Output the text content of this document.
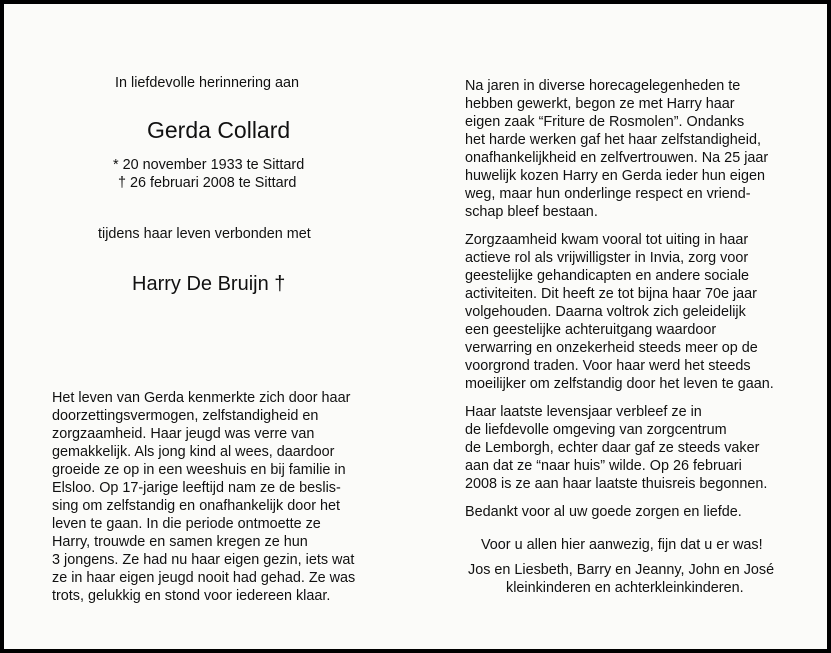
In liefdevolle herinnering aan
Gerda Collard
* 20 november 1933 te Sittard
† 26 februari 2008 te Sittard
tijdens haar leven verbonden met
Harry De Bruijn †
Het leven van Gerda kenmerkte zich door haar
doorzettingsvermogen, zelfstandigheid en
zorgzaamheid. Haar jeugd was verre van
gemakkelijk. Als jong kind al wees, daardoor
groeide ze op in een weeshuis en bij familie in
Elsloo. Op 17-jarige leeftijd nam ze de beslis-
sing om zelfstandig en onafhankelijk door het
leven te gaan. In die periode ontmoette ze
Harry, trouwde en samen kregen ze hun
3 jongens. Ze had nu haar eigen gezin, iets wat
ze in haar eigen jeugd nooit had gehad. Ze was
trots, gelukkig en stond voor iedereen klaar.
Na jaren in diverse horecagelegenheden te
hebben gewerkt, begon ze met Harry haar
eigen zaak “Friture de Rosmolen”. Ondanks
het harde werken gaf het haar zelfstandigheid,
onafhankelijkheid en zelfvertrouwen. Na 25 jaar
huwelijk kozen Harry en Gerda ieder hun eigen
weg, maar hun onderlinge respect en vriend-
schap bleef bestaan.
Zorgzaamheid kwam vooral tot uiting in haar
actieve rol als vrijwilligster in Invia, zorg voor
geestelijke gehandicapten en andere sociale
activiteiten. Dit heeft ze tot bijna haar 70e jaar
volgehouden. Daarna voltrok zich geleidelijk
een geestelijke achteruitgang waardoor
verwarring en onzekerheid steeds meer op de
voorgrond traden. Voor haar werd het steeds
moeilijker om zelfstandig door het leven te gaan.
Haar laatste levensjaar verbleef ze in
de liefdevolle omgeving van zorgcentrum
de Lemborgh, echter daar gaf ze steeds vaker
aan dat ze “naar huis” wilde. Op 26 februari
2008 is ze aan haar laatste thuisreis begonnen.
Bedankt voor al uw goede zorgen en liefde.
Voor u allen hier aanwezig, fijn dat u er was!
Jos en Liesbeth, Barry en Jeanny, John en José
kleinkinderen en achterkleinkinderen.
